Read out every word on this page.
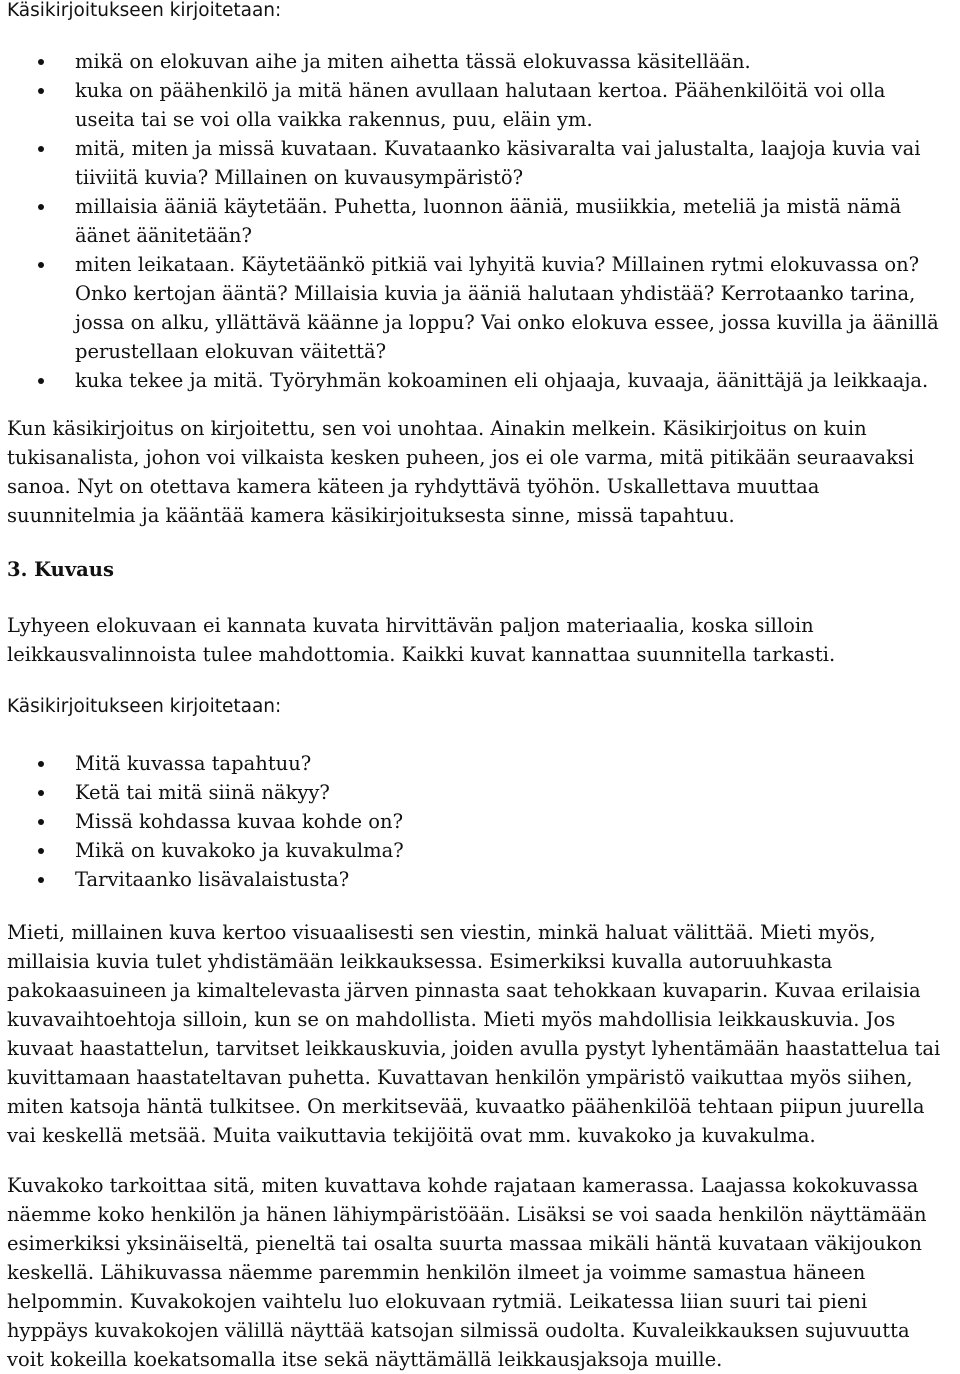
Käsikirjoitukseen kirjoitetaan:

mikä on elokuvan aihe ja miten aihetta tässä elokuvassa käsitellään.
kuka on päähenkilö ja mitä hänen avullaan halutaan kertoa. Päähenkilöitä voi olla
useita tai se voi olla vaikka rakennus, puu, eläin ym.
mitä, miten ja missä kuvataan. Kuvataanko käsivaralta vai jalustalta, laajoja kuvia vai
tiiviitä kuvia? Millainen on kuvausympäristö?
millaisia ääniä käytetään. Puhetta, luonnon ääniä, musiikkia, meteliä ja mistä nämä
äänet äänitetään?
miten leikataan. Käytetäänkö pitkiä vai lyhyitä kuvia? Millainen rytmi elokuvassa on?
Onko kertojan ääntä? Millaisia kuvia ja ääniä halutaan yhdistää? Kerrotaanko tarina,
jossa on alku, yllättävä käänne ja loppu? Vai onko elokuva essee, jossa kuvilla ja äänillä
perustellaan elokuvan väitettä?
kuka tekee ja mitä. Työryhmän kokoaminen eli ohjaaja, kuvaaja, äänittäjä ja leikkaaja.

Kun käsikirjoitus on kirjoitettu, sen voi unohtaa. Ainakin melkein. Käsikirjoitus on kuin

tukisanalista, johon voi vilkaista kesken puheen, jos ei ole varma, mitä pitikään seuraavaksi

sanoa. Nyt on otettava kamera käteen ja ryhdyttävä työhön. Uskallettava muuttaa

suunnitelmia ja kääntää kamera käsikirjoituksesta sinne, missä tapahtuu.

3. Kuvaus

Lyhyeen elokuvaan ei kannata kuvata hirvittävän paljon materiaalia, koska silloin

leikkausvalinnoista tulee mahdottomia. Kaikki kuvat kannattaa suunnitella tarkasti.

Käsikirjoitukseen kirjoitetaan:

Mitä kuvassa tapahtuu?
Ketä tai mitä siinä näkyy?
Missä kohdassa kuvaa kohde on?
Mikä on kuvakoko ja kuvakulma?
Tarvitaanko lisävalaistusta?

Mieti, millainen kuva kertoo visuaalisesti sen viestin, minkä haluat välittää. Mieti myös,

millaisia kuvia tulet yhdistämään leikkauksessa. Esimerkiksi kuvalla autoruuhkasta

pakokaasuineen ja kimaltelevasta järven pinnasta saat tehokkaan kuvaparin. Kuvaa erilaisia

kuvavaihtoehtoja silloin, kun se on mahdollista. Mieti myös mahdollisia leikkauskuvia. Jos

kuvaat haastattelun, tarvitset leikkauskuvia, joiden avulla pystyt lyhentämään haastattelua tai

kuvittamaan haastateltavan puhetta. Kuvattavan henkilön ympäristö vaikuttaa myös siihen,

miten katsoja häntä tulkitsee. On merkitsevää, kuvaatko päähenkilöä tehtaan piipun juurella

vai keskellä metsää. Muita vaikuttavia tekijöitä ovat mm. kuvakoko ja kuvakulma.

Kuvakoko tarkoittaa sitä, miten kuvattava kohde rajataan kamerassa. Laajassa kokokuvassa

näemme koko henkilön ja hänen lähiympäristöään. Lisäksi se voi saada henkilön näyttämään

esimerkiksi yksinäiseltä, pieneltä tai osalta suurta massaa mikäli häntä kuvataan väkijoukon

keskellä. Lähikuvassa näemme paremmin henkilön ilmeet ja voimme samastua häneen

helpommin. Kuvakokojen vaihtelu luo elokuvaan rytmiä. Leikatessa liian suuri tai pieni

hyppäys kuvakokojen välillä näyttää katsojan silmissä oudolta. Kuvaleikkauksen sujuvuutta

voit kokeilla koekatsomalla itse sekä näyttämällä leikkausjaksoja muille.
